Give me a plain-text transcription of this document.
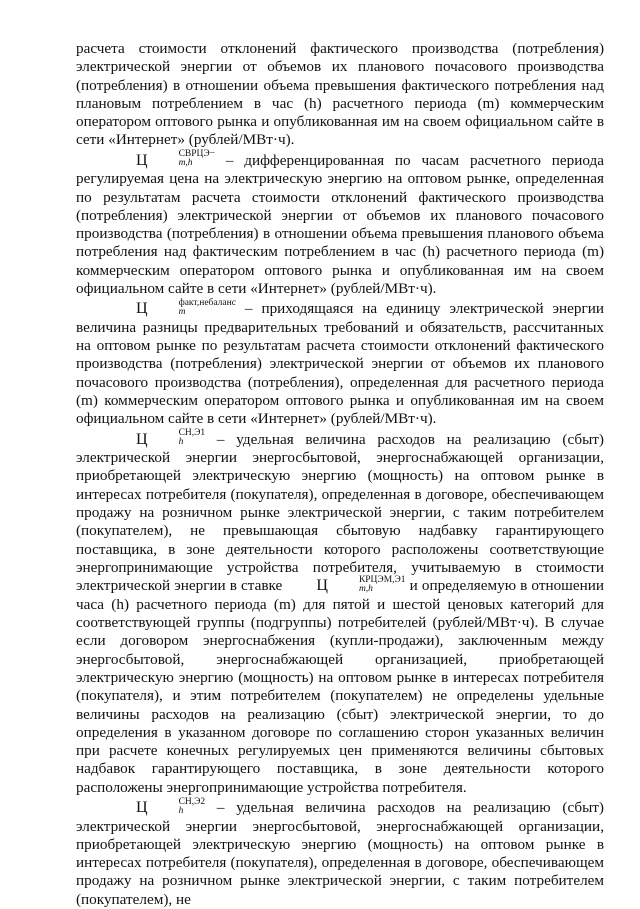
расчета стоимости отклонений фактического производства (потребления) электрической энергии от объемов их планового почасового производства (потребления) в отношении объема превышения фактического потребления над плановым потреблением в час (h) расчетного периода (m) коммерческим оператором оптового рынка и опубликованная им на своем официальном сайте в сети «Интернет» (рублей/МВт·ч).

Ц	СВРЦЭ−
m,h	– дифференцированная по часам расчетного периода регулируемая цена на электрическую энергию на оптовом рынке, определенная по результатам расчета стоимости отклонений фактического производства (потребления) электрической энергии от объемов их планового почасового производства (потребления) в отношении объема превышения планового объема потребления над фактическим потреблением в час (h) расчетного периода (m) коммерческим оператором оптового рынка и опубликованная им на своем официальном сайте в сети «Интернет» (рублей/МВт·ч).

Ц	факт,небаланс
m	– приходящаяся на единицу электрической энергии величина разницы предварительных требований и обязательств, рассчитанных на оптовом рынке по результатам расчета стоимости отклонений фактического производства (потребления) электрической энергии от объемов их планового почасового производства (потребления), определенная для расчетного периода (m) коммерческим оператором оптового рынка и опубликованная им на своем официальном сайте в сети «Интернет» (рублей/МВт·ч).

Ц	СН,Э1
h	– удельная величина расходов на реализацию (сбыт) электрической энергии энергосбытовой, энергоснабжающей организации, приобретающей электрическую энергию (мощность) на оптовом рынке в интересах потребителя (покупателя), определенная в договоре, обеспечивающем продажу на розничном рынке электрической энергии, с таким потребителем (покупателем), не превышающая сбытовую надбавку гарантирующего поставщика, в зоне деятельности которого расположены соответствующие энергопринимающие устройства потребителя, учитываемую в стоимости электрической энергии в ставке Ц	КРЦЭМ,Э1
m,h	и определяемую в отношении часа (h) расчетного периода (m) для пятой и шестой ценовых категорий для соответствующей группы (подгруппы) потребителей (рублей/МВт·ч). В случае если договором энергоснабжения (купли-продажи), заключенным между энергосбытовой, энергоснабжающей организацией, приобретающей электрическую энергию (мощность) на оптовом рынке в интересах потребителя (покупателя), и этим потребителем (покупателем) не определены удельные величины расходов на реализацию (сбыт) электрической энергии, то до определения в указанном договоре по соглашению сторон указанных величин при расчете конечных регулируемых цен применяются величины сбытовых надбавок гарантирующего поставщика, в зоне деятельности которого расположены энергопринимающие устройства потребителя.

Ц	СН,Э2
h	– удельная величина расходов на реализацию (сбыт) электрической энергии энергосбытовой, энергоснабжающей организации, приобретающей электрическую энергию (мощность) на оптовом рынке в интересах потребителя (покупателя), определенная в договоре, обеспечивающем продажу на розничном рынке электрической энергии, с таким потребителем (покупателем), не
